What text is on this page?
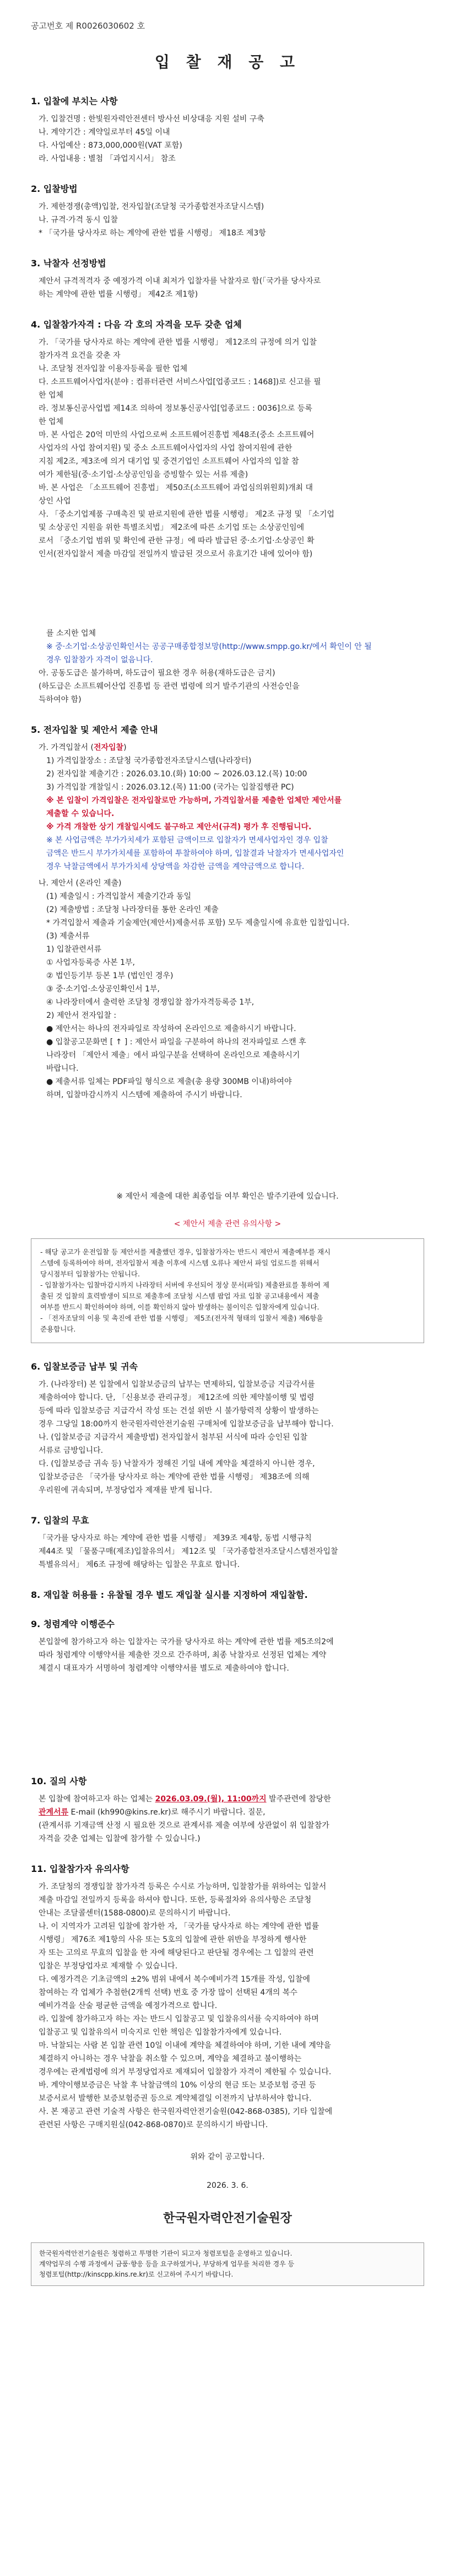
공고번호 제 R0026030602 호
입 찰 재 공 고
1. 입찰에 부치는 사항

가. 입찰건명 : 한빛원자력안전센터 방사선 비상대응 지원 설비 구축

나. 계약기간 : 계약일로부터 45일 이내

다. 사업예산 : 873,000,000원(VAT 포함)

라. 사업내용 : 별첨 「과업지시서」 참조

2. 입찰방법

가. 제한경쟁(총액)입찰, 전자입찰(조달청 국가종합전자조달시스템)

나. 규격·가격 동시 입찰

* 「국가를 당사자로 하는 계약에 관한 법률 시행령」 제18조 제3항

3. 낙찰자 선정방법

제안서 규격적격자 중 예정가격 이내 최저가 입찰자를 낙찰자로 함(「국가를 당사자로

하는 계약에 관한 법률 시행령」 제42조 제1항)

4. 입찰참가자격 : 다음 각 호의 자격을 모두 갖춘 업체

가. 「국가를 당사자로 하는 계약에 관한 법률 시행령」 제12조의 규정에 의거 입찰

참가자격 요건을 갖춘 자

나. 조달청 전자입찰 이용자등록을 필한 업체

다. 소프트웨어사업자(분야 : 컴퓨터관련 서비스사업[업종코드 : 1468])로 신고를 필

한 업체

라. 정보통신공사업법 제14조 의하여 정보통신공사업[업종코드 : 0036]으로 등록

한 업체

마. 본 사업은 20억 미만의 사업으로써 소프트웨어진흥법 제48조(중소 소프트웨어

사업자의 사업 참여지원) 및 중소 소프트웨어사업자의 사업 참여지원에 관한

지침 제2조, 제3조에 의거 대기업 및 중견기업인 소프트웨어 사업자의 입찰 참

여가 제한됨(중·소기업·소상공인임을 증빙할수 있는 서류 제출)

바. 본 사업은 「소프트웨어 진흥법」 제50조(소프트웨어 과업심의위원회)개최 대

상인 사업

사. 「중소기업제품 구매촉진 및 판로지원에 관한 법률 시행령」 제2조 규정 및 「소기업

및 소상공인 지원을 위한 특별조치법」 제2조에 따른 소기업 또는 소상공인임에

로서 「중소기업 범위 및 확인에 관한 규정」에 따라 발급된 중·소기업·소상공인 확

인서(전자입찰서 제출 마감일 전일까지 발급된 것으로서 유효기간 내에 있어야 함)

를 소지한 업체

※ 중·소기업·소상공인확인서는 공공구매종합정보망(http://www.smpp.go.kr/에서 확인이 안 될

경우 입찰참가 자격이 없음니다.

아. 공동도급은 불가하며, 하도급이 필요한 경우 허용(재하도급은 금지)

(하도급은 소프트웨어산업 진흥법 등 관련 법령에 의거 발주기관의 사전승인을

득하여야 함)

5. 전자입찰 및 제안서 제출 안내

가. 가격입찰서 (전자입찰)

1) 가격입찰장소 : 조달청 국가종합전자조달시스템(나라장터)

2) 전자입찰 제출기간 : 2026.03.10.(화) 10:00 ~ 2026.03.12.(목) 10:00

3) 가격입찰 개찰일시 : 2026.03.12.(목) 11:00 (국가는 입찰집행관 PC)

※ 본 입찰이 가격입찰은 전자입찰로만 가능하며, 가격입찰서를 제출한 업체만 제안서를

제출할 수 있습니다.

※ 가격 개찰한 상기 개찰일시에도 불구하고 제안서(규격) 평가 후 진행됩니다.

※ 본 사업금액은 부가가치세가 포함된 금액이므로 입찰자가 면세사업자인 경우 입찰

금액은 반드시 부가가치세를 포함하여 투찰하여야 하며, 입찰결과 낙찰자가 면세사업자인

경우 낙찰금액에서 부가가치세 상당액을 차감한 금액을 계약금액으로 합니다.

나. 제안서 (온라인 제출)

(1) 제출일시 : 가격입찰서 제출기간과 동일

(2) 제출방법 : 조달청 나라장터를 통한 온라인 제출

* 가격입찰서 제출과 기술제안(제안서)제출서류 포함) 모두 제출일시에 유효한 입찰입니다.

(3) 제출서류

1) 입찰관련서류

① 사업자등록증 사본 1부,

② 법인등기부 등본 1부 (법인인 경우)

③ 중·소기업·소상공인확인서 1부,

④ 나라장터에서 출력한 조달청 경쟁입찰 참가자격등록증 1부,

2) 제안서 전자입찰 :

● 제안서는 하나의 전자파일로 작성하여 온라인으로 제출하시기 바랍니다.

● 입찰공고문화면 [ ↑ ] : 제안서 파일을 구분하여 하나의 전자파일로 스캔 후

나라장터 「제안서 제출」에서 파일구분을 선택하여 온라인으로 제출하시기

바랍니다.

● 제출서류 일체는 PDF파일 형식으로 제출(총 용량 300MB 이내)하여야

하며, 입찰마감시까지 시스템에 제출하여 주시기 바랍니다.

※ 제안서 제출에 대한 최종업들 여부 확인은 발주기관에 있습니다.

< 제안서 제출 관련 유의사항 >

- 해당 공고가 운전입찰 등 제안서를 제출했던 경우, 입찰참가자는 반드시 제안서 제출예부를 재시

스템에 등록하여야 하며, 전자입찰서 제출 이후에 시스템 오류나 제안서 파일 업로드를 위해서

당시점부터 입찰참가는 안됩니다.

- 입찰참가자는 입찰마감시까지 나라장터 서버에 우선되어 정상 문서(파일) 제출완료를 통하여 제

출된 것 입찰의 효력발생이 되므로 제출후에 조달청 시스템 팝업 자료 입찰 공고내용에서 제출

여부를 반드시 확인하여야 하며, 이를 확인하지 않아 발생하는 불이익은 입찰자에게 있습니다.

- 「전자조달의 이용 및 촉진에 관한 법률 시행령」 제5조(전자적 형태의 입찰서 제출) 제6항을

준용합니다.

6. 입찰보증금 납부 및 귀속

가. (나라장터) 본 입찰에서 입찰보증금의 납부는 면제하되, 입찰보증금 지급각서를

제출하여야 합니다. 단, 「신용보증 관리규정」 제12조에 의한 제약불이행 및 법령

등에 따라 입찰보증금 지급각서 작성 또는 건설 위반 시 불가항력적 상황이 발생하는

경우 그당일 18:00까지 한국원자력안전기술원 구매처에 입찰보증금을 납부해야 합니다.

나. (입찰보증금 지급각서 제출방법) 전자입찰서 첨부된 서식에 따라 승인된 입찰

서류로 금방입니다.

다. (입찰보증금 귀속 등) 낙찰자가 정해진 기일 내에 계약을 체결하지 아니한 경우,

입찰보증금은 「국가를 당사자로 하는 계약에 관한 법률 시행령」 제38조에 의해

우리원에 귀속되며, 부정당업자 제재를 받게 됩니다.

7. 입찰의 무효

「국가를 당사자로 하는 계약에 관한 법률 시행령」 제39조 제4항, 동법 시행규칙

제44조 및 「물품구매(제조)입찰유의서」 제12조 및 「국가종합전자조달시스템전자입찰

특별유의서」 제6조 규정에 해당하는 입찰은 무효로 합니다.

8. 재입찰 허용률 : 유찰될 경우 별도 재입찰 실시를 지정하여 재입찰함.
9. 청렴계약 이행준수

본입찰에 참가하고자 하는 입찰자는 국가를 당사자로 하는 계약에 관한 법률 제5조의2에

따라 청렴계약 이행약서를 제출한 것으로 간주하며, 최종 낙찰자로 선정된 업체는 계약

체결시 대표자가 서명하여 청렴계약 이행약서를 별도로 제출하여야 합니다.

10. 질의 사항

본 입찰에 참여하고자 하는 업체는 2026.03.09.(월), 11:00까지 발주관련에 참당한

관계서류 E-mail (kh990@kins.re.kr)로 해주시기 바랍니다. 질문,

(관계서류 기재금액 산정 시 필요한 것으로 관계서류 제출 여부에 상관없이 위 입찰참가

자격을 갖춘 업체는 입찰에 참가할 수 있습니다.)

11. 입찰참가자 유의사항

가. 조달청의 경쟁입찰 참가자격 등록은 수시로 가능하며, 입찰참가를 위하여는 입찰서

제출 마감일 전일까지 등록을 하셔야 합니다. 또한, 등록절차와 유의사항은 조달청

안내는 조달콜센터(1588-0800)로 문의하시기 바랍니다.

나. 이 지역자가 고려된 입찰에 참가한 자, 「국가를 당사자로 하는 계약에 관한 법률

시행령」 제76조 제1항의 사유 또는 5호의 입찰에 관한 위반을 부정하게 행사한

자 또는 고의로 무효의 입찰을 한 자에 해당된다고 판단될 경우에는 그 입찰의 관련

입찰은 부정당업자로 제재할 수 있습니다.

다. 예정가격은 기초금액의 ±2% 범위 내에서 복수예비가격 15개를 작성, 입찰에

참여하는 각 업체가 추첨한(2개씩 선택) 번호 중 가장 많이 선택된 4개의 복수

예비가격을 산술 평균한 금액을 예정가격으로 합니다.

라. 입찰에 참가하고자 하는 자는 반드시 입찰공고 및 입찰유의서를 숙지하여야 하며

입찰공고 및 입찰유의서 미숙지로 인한 책임은 입찰참가자에게 있습니다.

마. 낙찰되는 사람 본 입찰 관련 10일 이내에 계약을 체결하여야 하며, 기한 내에 계약을

체결하지 아니하는 경우 낙찰을 취소할 수 있으며, 계약을 체결하고 불이행하는

경우에는 관계법령에 의거 부정당업자로 제재되어 입찰참가 자격이 제한될 수 있습니다.

바. 계약이행보증금은 낙찰 후 낙찰금액의 10% 이상의 현금 또는 보증보험 증권 등

보증서로서 발행한 보증보험증권 등으로 계약체결일 이전까지 납부하셔야 합니다.

사. 본 재공고 관련 기술적 사항은 한국원자력안전기술원(042-868-0385), 기타 입찰에

관련된 사항은 구매지원실(042-868-0870)로 문의하시기 바랍니다.

위와 같이 공고합니다.

2026. 3. 6.

한국원자력안전기술원장
한국원자력안전기술원은 청렴하고 투명한 기관이 되고자 청렴포털을 운영하고 있습니다.
계약업무의 수행 과정에서 금품·향응 등을 요구하였거나, 부당하게 업무를 처리한 경우 등
청렴포털(http://kinscpp.kins.re.kr)로 신고하여 주시기 바랍니다.
